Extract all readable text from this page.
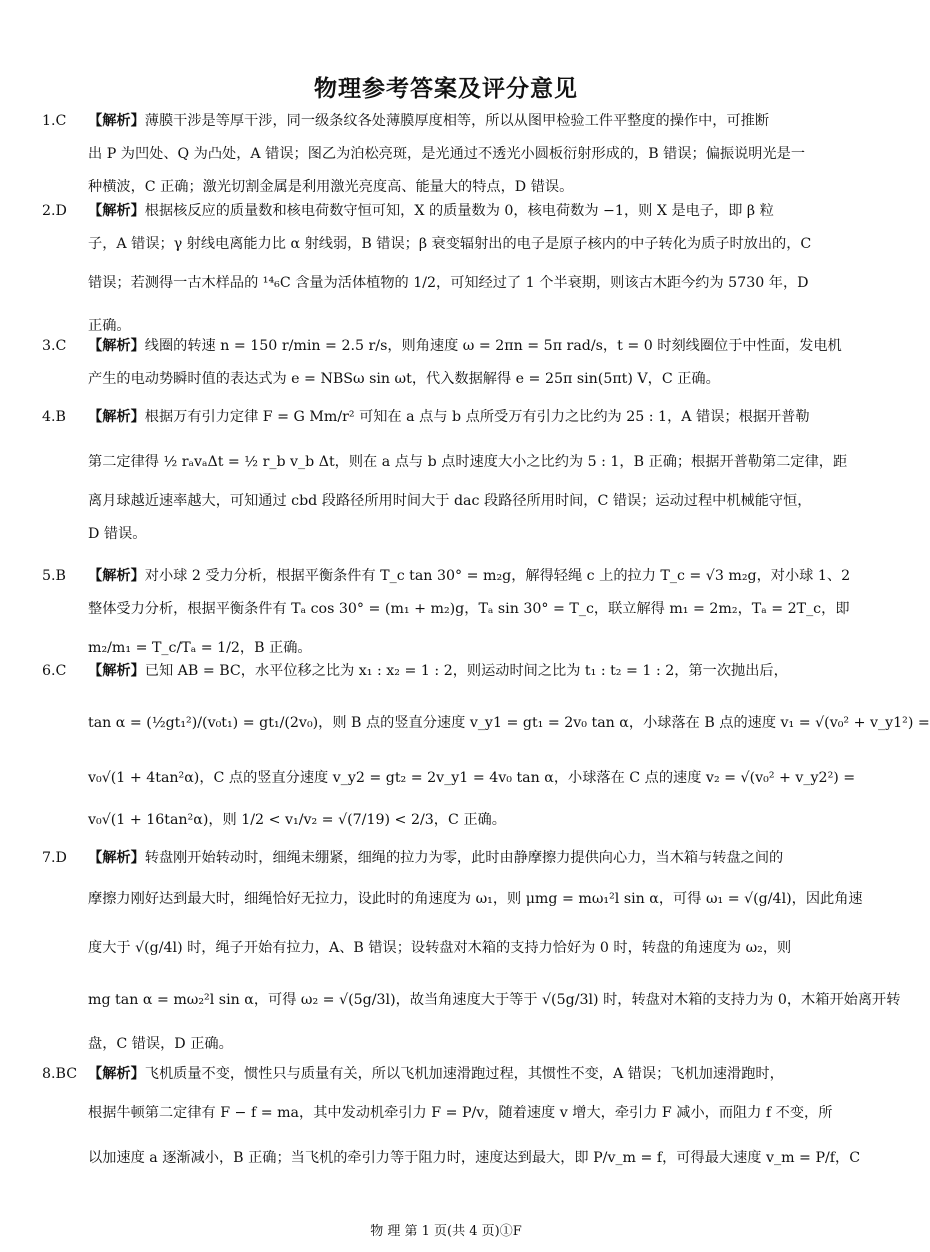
物理参考答案及评分意见
1.C 【解析】薄膜干涉是等厚干涉，同一级条纹各处薄膜厚度相等，所以从图甲检验工件平整度的操作中，可推断
出 P 为凹处、Q 为凸处，A 错误；图乙为泊松亮斑，是光通过不透光小圆板衍射形成的，B 错误；偏振说明光是一
种横波，C 正确；激光切割金属是利用激光亮度高、能量大的特点，D 错误。
2.D 【解析】根据核反应的质量数和核电荷数守恒可知，X 的质量数为 0，核电荷数为 −1，则 X 是电子，即 β 粒
子，A 错误；γ 射线电离能力比 α 射线弱，B 错误；β 衰变辐射出的电子是原子核内的中子转化为质子时放出的，C
错误；若测得一古木样品的 ¹⁴₆C 含量为活体植物的 1/2，可知经过了 1 个半衰期，则该古木距今约为 5730 年，D
正确。
3.C 【解析】线圈的转速 n = 150 r/min = 2.5 r/s，则角速度 ω = 2πn = 5π rad/s，t = 0 时刻线圈位于中性面，发电机
产生的电动势瞬时值的表达式为 e = NBSω sin ωt，代入数据解得 e = 25π sin(5πt) V，C 正确。
4.B 【解析】根据万有引力定律 F = G Mm/r² 可知在 a 点与 b 点所受万有引力之比约为 25 : 1，A 错误；根据开普勒
第二定律得 ½ rₐvₐΔt = ½ r_b v_b Δt，则在 a 点与 b 点时速度大小之比约为 5 : 1，B 正确；根据开普勒第二定律，距
离月球越近速率越大，可知通过 cbd 段路径所用时间大于 dac 段路径所用时间，C 错误；运动过程中机械能守恒，
D 错误。
5.B 【解析】对小球 2 受力分析，根据平衡条件有 T_c tan 30° = m₂g，解得轻绳 c 上的拉力 T_c = √3 m₂g，对小球 1、2
整体受力分析，根据平衡条件有 Tₐ cos 30° = (m₁ + m₂)g，Tₐ sin 30° = T_c，联立解得 m₁ = 2m₂，Tₐ = 2T_c，即
m₂/m₁ = T_c/Tₐ = 1/2，B 正确。
6.C 【解析】已知 AB = BC，水平位移之比为 x₁ : x₂ = 1 : 2，则运动时间之比为 t₁ : t₂ = 1 : 2，第一次抛出后，
tan α = (½gt₁²)/(v₀t₁) = gt₁/(2v₀)，则 B 点的竖直分速度 v_y1 = gt₁ = 2v₀ tan α，小球落在 B 点的速度 v₁ = √(v₀² + v_y1²) =
v₀√(1 + 4tan²α)，C 点的竖直分速度 v_y2 = gt₂ = 2v_y1 = 4v₀ tan α，小球落在 C 点的速度 v₂ = √(v₀² + v_y2²) =
v₀√(1 + 16tan²α)，则 1/2 < v₁/v₂ = √(7/19) < 2/3，C 正确。
7.D 【解析】转盘刚开始转动时，细绳未绷紧，细绳的拉力为零，此时由静摩擦力提供向心力，当木箱与转盘之间的
摩擦力刚好达到最大时，细绳恰好无拉力，设此时的角速度为 ω₁，则 μmg = mω₁²l sin α，可得 ω₁ = √(g/4l)，因此角速
度大于 √(g/4l) 时，绳子开始有拉力，A、B 错误；设转盘对木箱的支持力恰好为 0 时，转盘的角速度为 ω₂，则
mg tan α = mω₂²l sin α，可得 ω₂ = √(5g/3l)，故当角速度大于等于 √(5g/3l) 时，转盘对木箱的支持力为 0，木箱开始离开转
盘，C 错误，D 正确。
8.BC 【解析】飞机质量不变，惯性只与质量有关，所以飞机加速滑跑过程，其惯性不变，A 错误；飞机加速滑跑时，
根据牛顿第二定律有 F − f = ma，其中发动机牵引力 F = P/v，随着速度 v 增大，牵引力 F 减小，而阻力 f 不变，所
以加速度 a 逐渐减小，B 正确；当飞机的牵引力等于阻力时，速度达到最大，即 P/v_m = f，可得最大速度 v_m = P/f，C
物 理 第 1 页(共 4 页)①F
